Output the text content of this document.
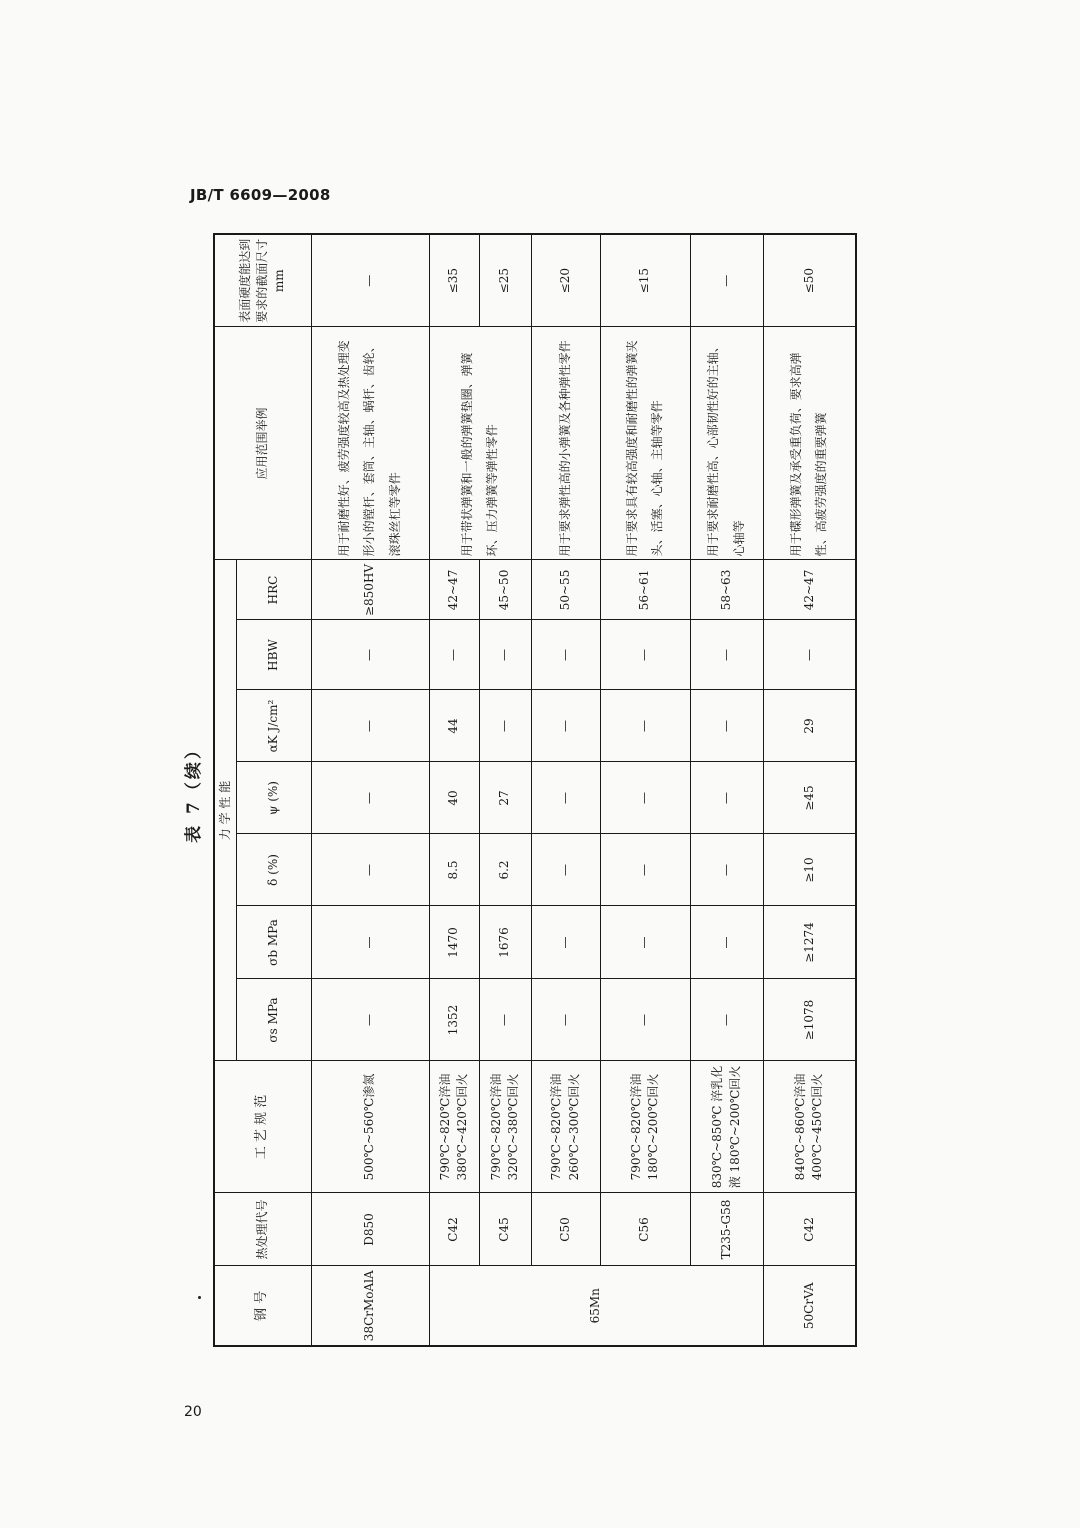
JB/T 6609—2008
20
表 7（续）
钢 号	热处理代号	工 艺 规 范	力 学 性 能							应用范围举例	表面硬度能达到要求的截面尺寸 mm
			σs MPa	σb MPa	δ (%)	ψ (%)	αK J/cm²	HBW	HRC		
38CrMoAlA	D850	500℃~560℃渗氮	—	—	—	—	—	—	≥850HV	用于耐磨性好、疲劳强度较高及热处理变形小的镗杆、套筒、主轴、蜗杆、齿轮、滚珠丝杠等零件	—
65Mn	C42	790℃~820℃淬油 380℃~420℃回火	1352	1470	8.5	40	44	—	42~47	用于带状弹簧和一般的弹簧垫圈、弹簧环、压力弹簧等弹性零件	≤35
	C45	790℃~820℃淬油 320℃~380℃回火	—	1676	6.2	27	—	—	45~50		≤25
	C50	790℃~820℃淬油 260℃~300℃回火	—	—	—	—	—	—	50~55	用于要求弹性高的小弹簧及各种弹性零件	≤20
	C56	790℃~820℃淬油 180℃~200℃回火	—	—	—	—	—	—	56~61	用于要求具有较高强度和耐磨性的弹簧夹头、活塞、心轴、主轴等零件	≤15
	T235-G58	830℃~850℃ 淬乳化液 180℃~200℃回火	—	—	—	—	—	—	58~63	用于要求耐磨性高、心部韧性好的主轴、心轴等	—
50CrVA	C42	840℃~860℃淬油 400℃~450℃回火	≥1078	≥1274	≥10	≥45	29	—	42~47	用于碟形弹簧及承受重负荷、要求高弹性、高疲劳强度的重要弹簧	≤50
